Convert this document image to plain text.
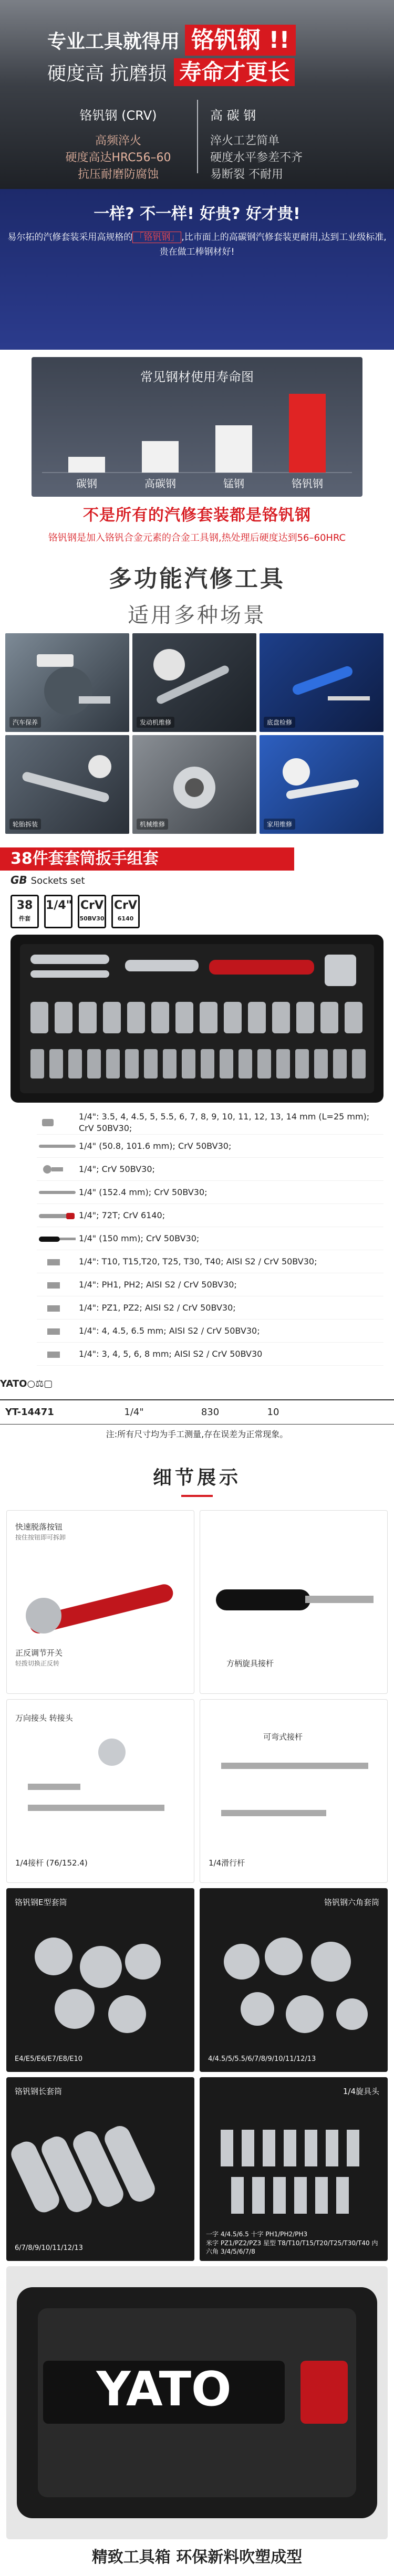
专业工具就得用 铬钒钢 !!
硬度高 抗磨损 寿命才更长
铬钒钢 (CRV)
高频淬火
硬度高达HRC56–60
抗压耐磨防腐蚀
高 碳 钢
淬火工艺简单
硬度水平参差不齐
易断裂 不耐用
一样? 不一样! 好贵? 好才贵!
易尔拓的汽修套装采用高规格的 「铬钒钢」 ,比市面上的高碳钢汽修套装更耐用,达到工业级标准,贵在做工棒钢材好!
常见钢材使用寿命图
碳钢	高碳钢	锰钢	铬钒钢
不是所有的汽修套装都是铬钒钢
铬钒钢是加入铬钒合金元素的合金工具钢,热处理后硬度达到56–60HRC
多功能汽修工具
适用多种场景
汽车保养	发动机维修	底盘检修
轮胎拆装	机械维修	家用维修
38件套套筒扳手组套
GB Sockets set
38
件套
1/4" CrV
50BV30
CrV
6140
1/4": 3.5, 4, 4.5, 5, 5.5, 6, 7, 8, 9, 10, 11, 12, 13, 14 mm (L=25 mm); CrV 50BV30;
1/4" (50.8, 101.6 mm); CrV 50BV30;
1/4"; CrV 50BV30;
1/4" (152.4 mm); CrV 50BV30;
1/4"; 72T; CrV 6140;
1/4" (150 mm); CrV 50BV30;
1/4": T10, T15,T20, T25, T30, T40; AISI S2 / CrV 50BV30;
1/4": PH1, PH2; AISI S2 / CrV 50BV30;
1/4": PZ1, PZ2; AISI S2 / CrV 50BV30;
1/4": 4, 4.5, 6.5 mm; AISI S2 / CrV 50BV30;
1/4": 3, 4, 5, 6, 8 mm; AISI S2 / CrV 50BV30
YATO ○ ⚖ ▢
YT-14471	1/4"	830	10
注:所有尺寸均为手工测量,存在误差为正常现象。
细节展示
快速脱落按钮
按住按钮即可拆卸
正反调节开关
轻拨切换正反转	方柄旋具接杆
万向接头 转接头
1/4接杆 (76/152.4)
可弯式接杆
1/4滑行杆
铬钒钢E型套筒
E4/E5/E6/E7/E8/E10
铬钒钢六角套筒
4/4.5/5/5.5/6/7/8/9/10/11/12/13
铬钒钢长套筒
6/7/8/9/10/11/12/13
1/4旋具头
一字 4/4.5/6.5 十字 PH1/PH2/PH3
米字 PZ1/PZ2/PZ3 星型 T8/T10/T15/T20/T25/T30/T40 内六角 3/4/5/6/7/8
YATO
精致工具箱 环保新料吹塑成型
